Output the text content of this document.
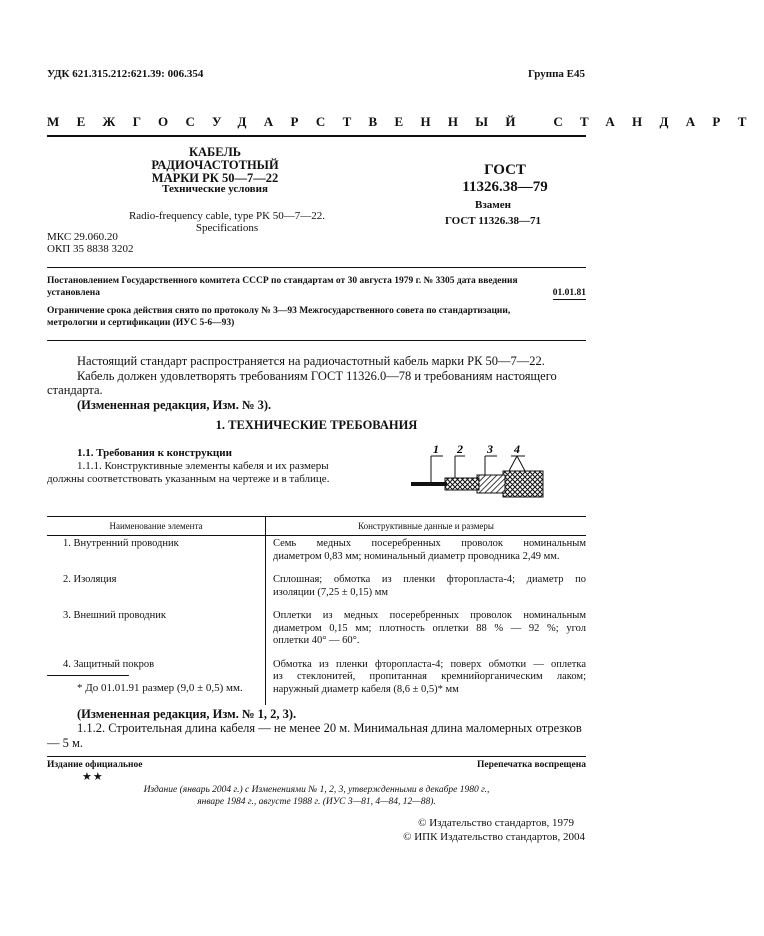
УДК 621.315.212:621.39: 006.354	Группа Е45
МЕЖГОСУДАРСТВЕННЫЙ СТАНДАРТ
КАБЕЛЬ РАДИОЧАСТОТНЫЙ
МАРКИ РК 50—7—22
Технические условия
Radio-frequency cable, type PK 50—7—22.
Specifications
МКС 29.060.20
ОКП 35 8838 3202
ГОСТ
11326.38—79
Взамен
ГОСТ 11326.38—71
Постановлением Государственного комитета СССР по стандартам от 30 августа 1979 г. № 3305 дата введения
установлена	01.01.81
Ограничение срока действия снято по протоколу № 3—93 Межгосударственного совета по стандартизации,
метрологии и сертификации (ИУС 5-6—93)
Настоящий стандарт распространяется на радиочастотный кабель марки РК 50—7—22.
Кабель должен удовлетворять требованиям ГОСТ 11326.0—78 и требованиям настоящего
стандарта.
(Измененная редакция, Изм. № 3).
1. ТЕХНИЧЕСКИЕ ТРЕБОВАНИЯ
1.1. Требования к конструкции
1.1.1. Конструктивные элементы кабеля и их размеры
должны соответствовать указанным на чертеже и в таблице.
1 2 3 4
Наименование элемента	Конструктивные данные и размеры
1. Внутренний проводник	Семь медных посеребренных проволок номинальным
диаметром 0,83 мм; номинальный диаметр проводника 2,49 мм.

2. Изоляция	Сплошная; обмотка из пленки фторопласта-4; диаметр по
изоляции (7,25 ± 0,15) мм

3. Внешний проводник	Оплетки из медных посеребренных проволок номинальным
диаметром 0,15 мм; плотность оплетки 88 % — 92 %; угол
оплетки 40° — 60°.

4. Защитный покров	Обмотка из пленки фторопласта-4; поверх обмотки — оплетка
из стеклонитей, пропитанная кремнийорганическим лаком;
наружный диаметр кабеля (8,6 ± 0,5)* мм
* До 01.01.91 размер (9,0 ± 0,5) мм.
(Измененная редакция, Изм. № 1, 2, 3).
1.1.2. Строительная длина кабеля — не менее 20 м. Минимальная длина маломерных отрезков
— 5 м.
Издание официальное
★★
Перепечатка воспрещена
Издание (январь 2004 г.) с Изменениями № 1, 2, 3, утвержденными в декабре 1980 г.,
январе 1984 г., августе 1988 г. (ИУС 3—81, 4—84, 12—88).
© Издательство стандартов, 1979
© ИПК Издательство стандартов, 2004
